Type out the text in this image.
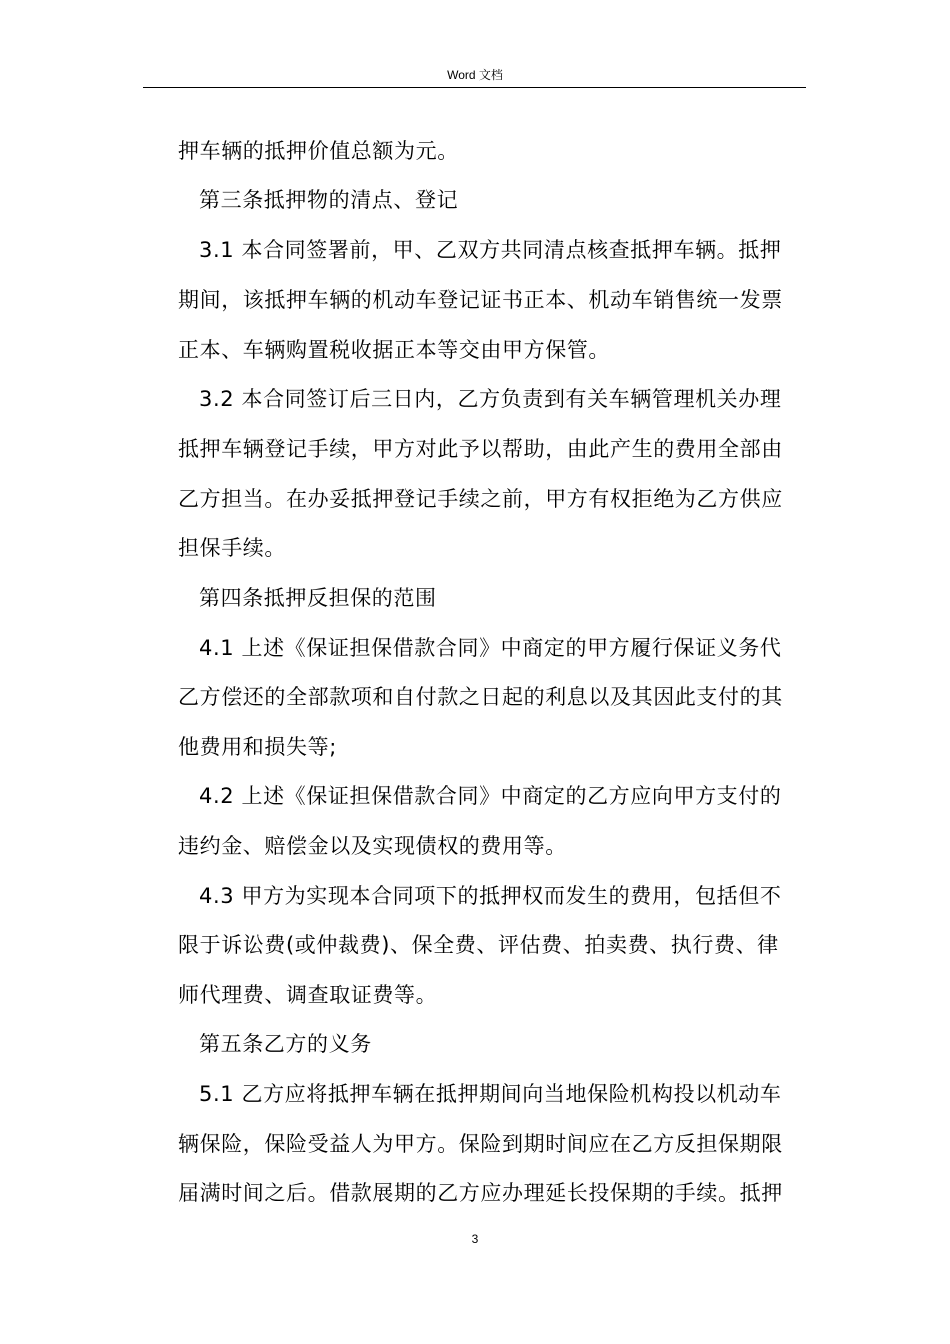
Word 文档
押车辆的抵押价值总额为元。
第三条抵押物的清点、登记
3.1 本合同签署前，甲、乙双方共同清点核查抵押车辆。抵押
期间，该抵押车辆的机动车登记证书正本、机动车销售统一发票
正本、车辆购置税收据正本等交由甲方保管。
3.2 本合同签订后三日内，乙方负责到有关车辆管理机关办理
抵押车辆登记手续，甲方对此予以帮助，由此产生的费用全部由
乙方担当。在办妥抵押登记手续之前，甲方有权拒绝为乙方供应
担保手续。
第四条抵押反担保的范围
4.1 上述《保证担保借款合同》中商定的甲方履行保证义务代
乙方偿还的全部款项和自付款之日起的利息以及其因此支付的其
他费用和损失等;
4.2 上述《保证担保借款合同》中商定的乙方应向甲方支付的
违约金、赔偿金以及实现债权的费用等。
4.3 甲方为实现本合同项下的抵押权而发生的费用，包括但不
限于诉讼费(或仲裁费)、保全费、评估费、拍卖费、执行费、律
师代理费、调查取证费等。
第五条乙方的义务
5.1 乙方应将抵押车辆在抵押期间向当地保险机构投以机动车
辆保险，保险受益人为甲方。保险到期时间应在乙方反担保期限
届满时间之后。借款展期的乙方应办理延长投保期的手续。抵押
3
